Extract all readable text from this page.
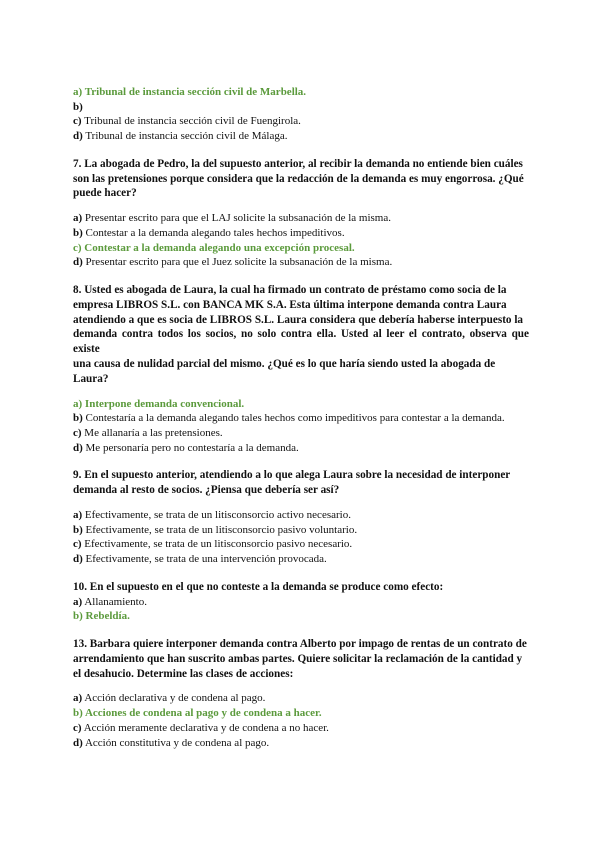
a) Tribunal de instancia sección civil de Marbella.
b)
c) Tribunal de instancia sección civil de Fuengirola.
d) Tribunal de instancia sección civil de Málaga.
7. La abogada de Pedro, la del supuesto anterior, al recibir la demanda no entiende bien cuáles
son las pretensiones porque considera que la redacción de la demanda es muy engorrosa. ¿Qué
puede hacer?
a) Presentar escrito para que el LAJ solicite la subsanación de la misma.
b) Contestar a la demanda alegando tales hechos impeditivos.
c) Contestar a la demanda alegando una excepción procesal.
d) Presentar escrito para que el Juez solicite la subsanación de la misma.
8. Usted es abogada de Laura, la cual ha firmado un contrato de préstamo como socia de la
empresa LIBROS S.L. con BANCA MK S.A. Esta última interpone demanda contra Laura
atendiendo a que es socia de LIBROS S.L. Laura considera que debería haberse interpuesto la
demanda contra todos los socios, no solo contra ella. Usted al leer el contrato, observa que existe
una causa de nulidad parcial del mismo. ¿Qué es lo que haría siendo usted la abogada de
Laura?
a) Interpone demanda convencional.
b) Contestaría a la demanda alegando tales hechos como impeditivos para contestar a la demanda.
c) Me allanaría a las pretensiones.
d) Me personaría pero no contestaría a la demanda.
9. En el supuesto anterior, atendiendo a lo que alega Laura sobre la necesidad de interponer
demanda al resto de socios. ¿Piensa que debería ser así?
a) Efectivamente, se trata de un litisconsorcio activo necesario.
b) Efectivamente, se trata de un litisconsorcio pasivo voluntario.
c) Efectivamente, se trata de un litisconsorcio pasivo necesario.
d) Efectivamente, se trata de una intervención provocada.
10. En el supuesto en el que no conteste a la demanda se produce como efecto:
a) Allanamiento.
b) Rebeldía.
13. Barbara quiere interponer demanda contra Alberto por impago de rentas de un contrato de
arrendamiento que han suscrito ambas partes. Quiere solicitar la reclamación de la cantidad y
el desahucio. Determine las clases de acciones:
a) Acción declarativa y de condena al pago.
b) Acciones de condena al pago y de condena a hacer.
c) Acción meramente declarativa y de condena a no hacer.
d) Acción constitutiva y de condena al pago.
